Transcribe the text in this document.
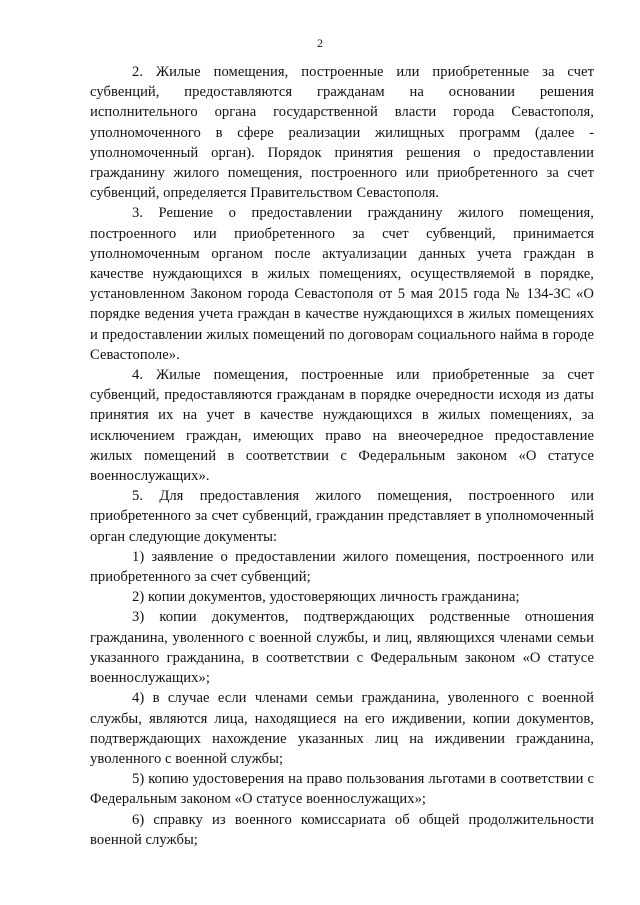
2

2. Жилые помещения, построенные или приобретенные за счет субвенций, предоставляются гражданам на основании решения исполнительного органа государственной власти города Севастополя, уполномоченного в сфере реализации жилищных программ (далее - уполномоченный орган). Порядок принятия решения о предоставлении гражданину жилого помещения, построенного или приобретенного за счет субвенций, определяется Правительством Севастополя.

3. Решение о предоставлении гражданину жилого помещения, построенного или приобретенного за счет субвенций, принимается уполномоченным органом после актуализации данных учета граждан в качестве нуждающихся в жилых помещениях, осуществляемой в порядке, установленном Законом города Севастополя от 5 мая 2015 года № 134-ЗС «О порядке ведения учета граждан в качестве нуждающихся в жилых помещениях и предоставлении жилых помещений по договорам социального найма в городе Севастополе».

4. Жилые помещения, построенные или приобретенные за счет субвенций, предоставляются гражданам в порядке очередности исходя из даты принятия их на учет в качестве нуждающихся в жилых помещениях, за исключением граждан, имеющих право на внеочередное предоставление жилых помещений в соответствии с Федеральным законом «О статусе военнослужащих».

5. Для предоставления жилого помещения, построенного или приобретенного за счет субвенций, гражданин представляет в уполномоченный орган следующие документы:

1) заявление о предоставлении жилого помещения, построенного или приобретенного за счет субвенций;

2) копии документов, удостоверяющих личность гражданина;

3) копии документов, подтверждающих родственные отношения гражданина, уволенного с военной службы, и лиц, являющихся членами семьи указанного гражданина, в соответствии с Федеральным законом «О статусе военнослужащих»;

4) в случае если членами семьи гражданина, уволенного с военной службы, являются лица, находящиеся на его иждивении, копии документов, подтверждающих нахождение указанных лиц на иждивении гражданина, уволенного с военной службы;

5) копию удостоверения на право пользования льготами в соответствии с Федеральным законом «О статусе военнослужащих»;

6) справку из военного комиссариата об общей продолжительности военной службы;
